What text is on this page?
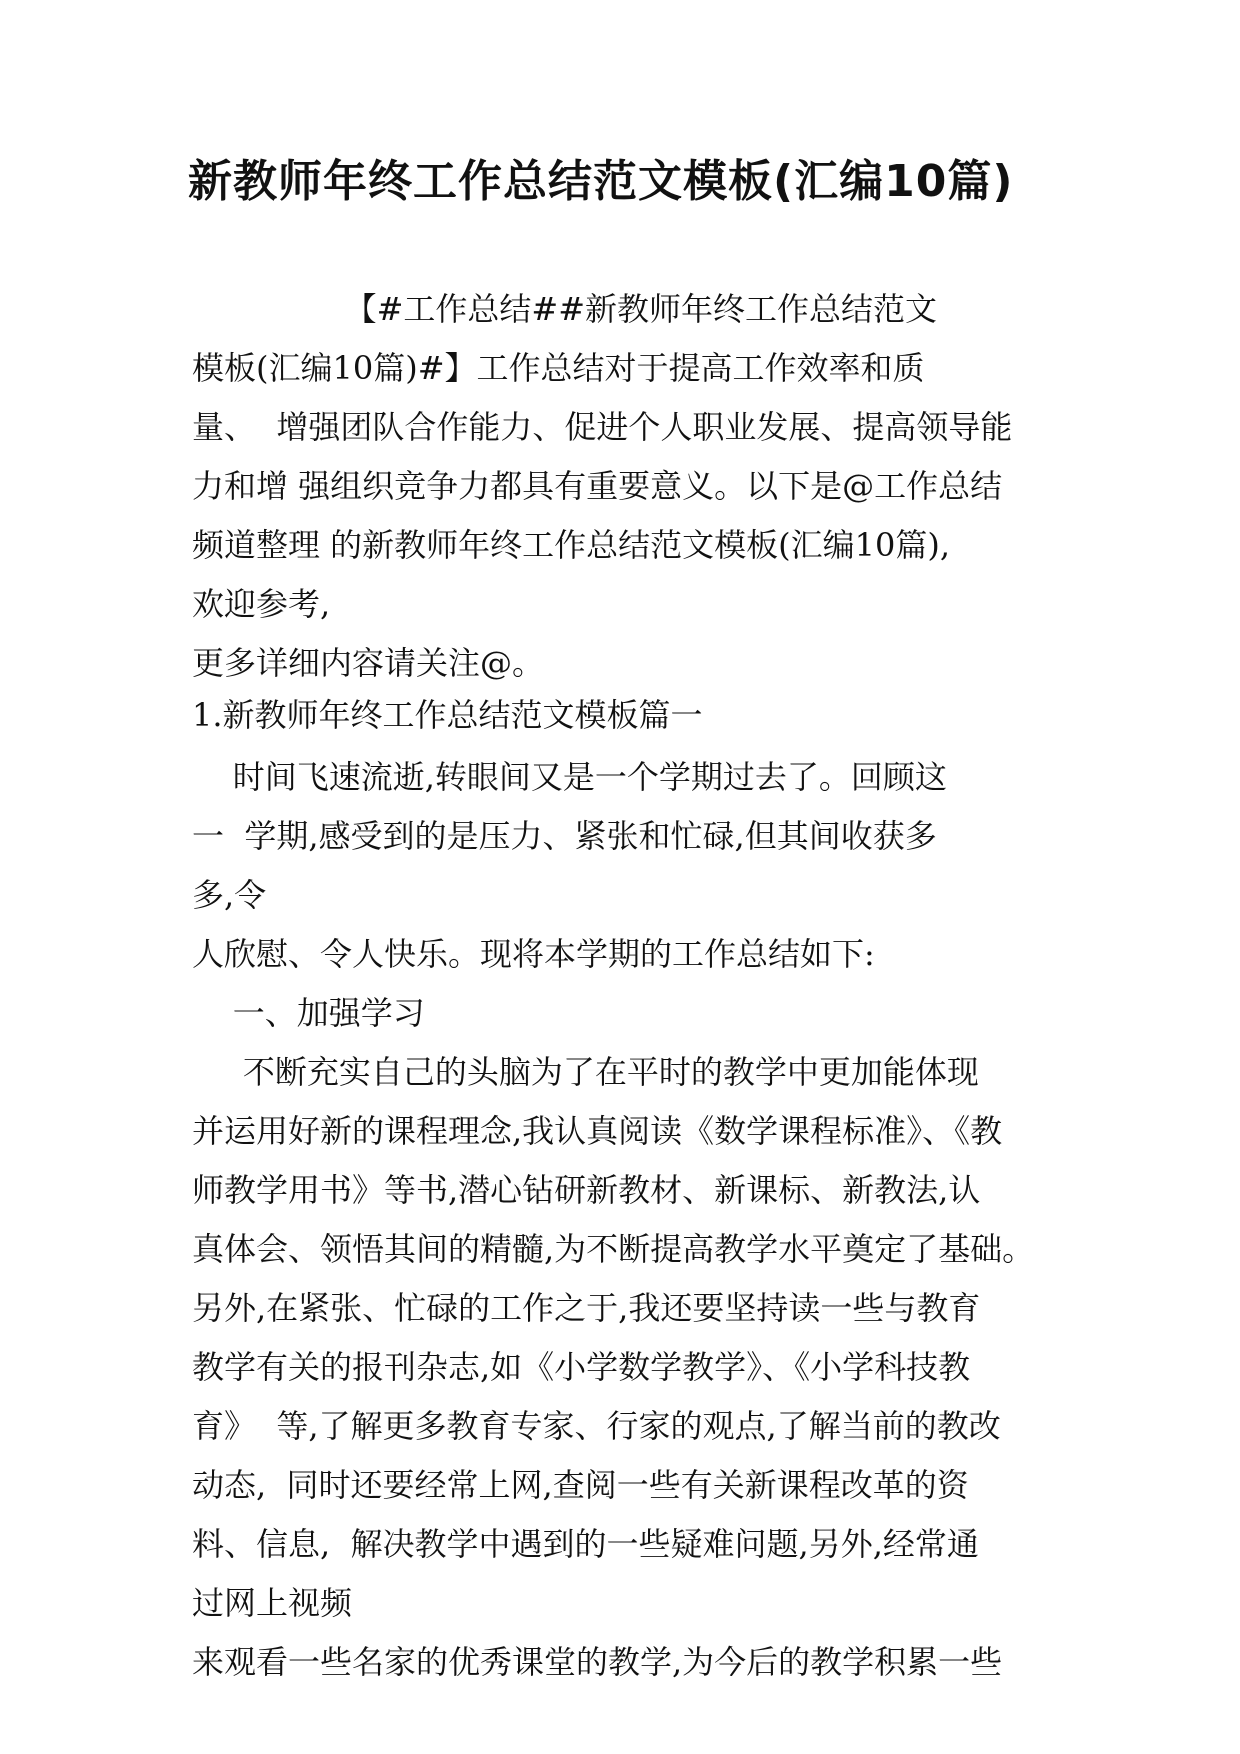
新教师年终工作总结范文模板(汇编10篇)
【#工作总结##新教师年终工作总结范文
模板(汇编10篇)#】工作总结对于提高工作效率和质
量、  增强团队合作能力、促进个人职业发展、提高领导能
力和增 强组织竞争力都具有重要意义。以下是@工作总结
频道整理 的新教师年终工作总结范文模板(汇编10篇),
欢迎参考,
更多详细内容请关注@。
1.新教师年终工作总结范文模板篇一
时间飞速流逝,转眼间又是一个学期过去了。回顾这
一  学期,感受到的是压力、紧张和忙碌,但其间收获多
多,令
人欣慰、令人快乐。现将本学期的工作总结如下:
一、加强学习
不断充实自己的头脑为了在平时的教学中更加能体现
并运用好新的课程理念,我认真阅读《数学课程标准》、《教
师教学用书》等书,潜心钻研新教材、新课标、新教法,认
真体会、领悟其间的精髓,为不断提高教学水平奠定了基础。
另外,在紧张、忙碌的工作之于,我还要坚持读一些与教育
教学有关的报刊杂志,如《小学数学教学》、《小学科技教
育》  等,了解更多教育专家、行家的观点,了解当前的教改
动态,  同时还要经常上网,查阅一些有关新课程改革的资
料、信息,  解决教学中遇到的一些疑难问题,另外,经常通
过网上视频
来观看一些名家的优秀课堂的教学,为今后的教学积累一些
